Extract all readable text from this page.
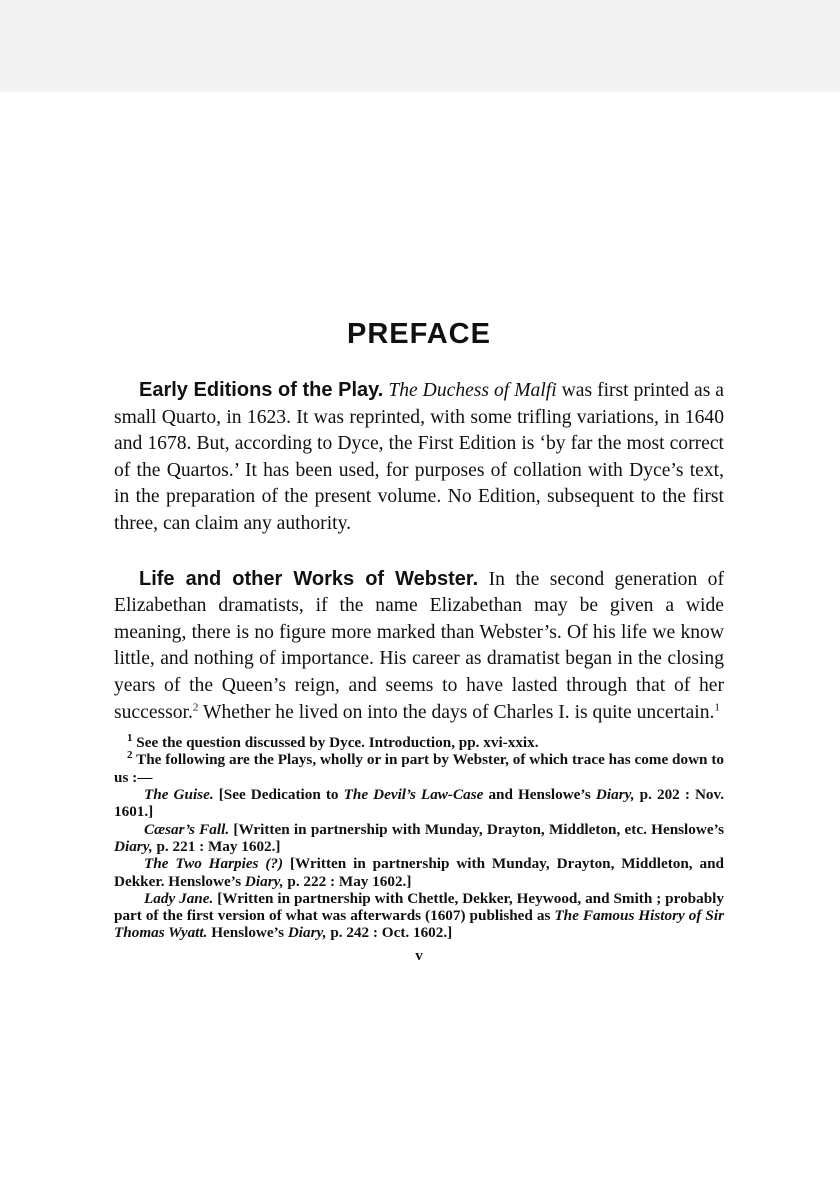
PREFACE

Early Editions of the Play. The Duchess of Malfi was first printed as a small Quarto, in 1623. It was reprinted, with some trifling variations, in 1640 and 1678. But, according to Dyce, the First Edition is ‘by far the most correct of the Quartos.’ It has been used, for purposes of collation with Dyce’s text, in the preparation of the present volume. No Edition, subsequent to the first three, can claim any authority.

Life and other Works of Webster. In the second generation of Elizabethan dramatists, if the name Elizabethan may be given a wide meaning, there is no figure more marked than Webster’s. Of his life we know little, and nothing of importance. His career as dramatist began in the closing years of the Queen’s reign, and seems to have lasted through that of her successor.$^2$ Whether he lived on into the days of Charles I. is quite uncertain.$^1$

$^1$ See the question discussed by Dyce. Introduction, pp. xvi-xxix.

$^2$ The following are the Plays, wholly or in part by Webster, of which trace has come down to us :—

The Guise. [See Dedication to The Devil’s Law-Case and Henslowe’s Diary, p. 202 : Nov. 1601.]

Cæsar’s Fall. [Written in partnership with Munday, Drayton, Middleton, etc. Henslowe’s Diary, p. 221 : May 1602.]

The Two Harpies (?) [Written in partnership with Munday, Drayton, Middleton, and Dekker. Henslowe’s Diary, p. 222 : May 1602.]

Lady Jane. [Written in partnership with Chettle, Dekker, Heywood, and Smith ; probably part of the first version of what was afterwards (1607) published as The Famous History of Sir Thomas Wyatt. Henslowe’s Diary, p. 242 : Oct. 1602.]

v
